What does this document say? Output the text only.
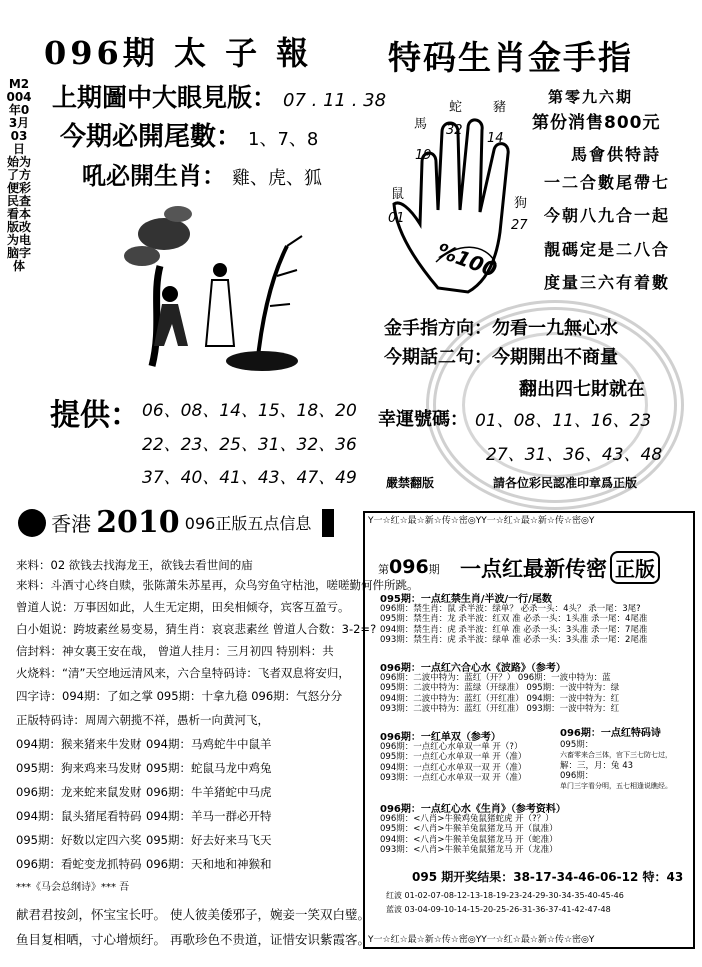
096期 太 子 報
M2004年03月03日 始为了方便彩民查看本版改为电脑字体
上期圖中大眼見版： 07 . 11 . 38
今期必開尾數： 1、7、8
吼必開生肖： 雞、虎、狐
提供： 06、08、14、15、18、20
22、23、25、31、32、36
37、40、41、43、47、49
特码生肖金手指
馬
蛇 豬
鼠
狗
19
32
14
01	27
%100
第零九六期
第份消售800元
馬會供特詩
一二合數尾帶七
今朝八九合一起
靚碼定是二八合
度量三六有着數
金手指方向：勿看一九無心水
今期話二句：今期開出不商量
翻出四七財就在
幸運號碼： 01、08、11、16、23
27、31、36、43、48
嚴禁翻版	請各位彩民認准印章爲正版
香港 2010 096正版五点信息
来料：02 欲钱去找海龙王，欲钱去看世间的庙
来料：斗酒寸心终自赎，张陈萧朱苏星再，众鸟穷鱼守枯池，嗟嗟勤何件所跳。
曾道人说：万事因如此，人生无定期，田矣相倾夺，宾客互盈亏。
白小姐说：跨坡素丝易变易，猜生肖：哀哀悲素丝 曾道人合数：3-2=?
信封料：神女裏王安在哉， 曾道人挂月：三月初四 特别料：共
火烧料：“清”天空地远清风来，六合皇特码诗：飞者双息将安归，
四字诗：094期：了如之掌 095期：十拿九稳 096期：气怒分分
正版特码诗：周周六朝揽不祥，愚析一向黄河飞，
094期：猴来猪来牛发财 094期：马鸡蛇牛中鼠羊
095期：狗来鸡来马发财 095期：蛇鼠马龙中鸡兔
096期：龙来蛇来鼠发财 096期：牛羊猪蛇中马虎
094期：鼠头猪尾看特码 094期：羊马一群必开特
095期：好数以定四六奖 095期：好去好来马飞天
096期：看蛇变龙抓特码 096期：天和地和神猴和
***《马会总纲诗》*** 吾
献君君按剑，怀宝宝长吁。 使人彼美倭邪子，婉妾一笑双白璧。
鱼目复相哂，寸心增烦纡。 再歌珍色不贵道，证惜安识紫霞客。
Y一☆红☆最☆新☆传☆密◎YY一☆红☆最☆新☆传☆密◎Y
Y一☆红☆最☆新☆传☆密◎YY一☆红☆最☆新☆传☆密◎Y
第096期 一点红最新传密 正版
095期：一点红禁生肖/半波/一行/尾数
096期：禁生肖：鼠 杀半波：绿单？ 必杀一头：4头？ 杀一尾：3尾?
095期：禁生肖：龙 杀半波：红双 准 必杀一头：1头准 杀一尾：4尾准
094期：禁生肖：虎 杀半波：红单 准 必杀一头：3头准 杀一尾：7尾准
093期：禁生肖：虎 杀半波：绿单 准 必杀一头：3头准 杀一尾：2尾准
096期：一点红六合心水《波路》（参考）
096期：二波中特为：蓝红（开？） 096期：一波中特为：蓝
095期：二波中特为：蓝绿（开绿准） 095期：一波中特为：绿
094期：二波中特为：蓝红（开红准） 094期：一波中特为：红
093期：二波中特为：蓝红（开红准） 093期：一波中特为：红
096期：一红单双（参考）
096期：一点红心水单双一单 开（?）
095期：一点红心水单双一单 开（准）
094期：一点红心水单双一双 开（准）
093期：一点红心水单双一双 开（准）
096期：一点红特码诗
095期：
六畜零来合三体，官下三七防七过，
解：三，月：兔 43
096期：
单门三字看分明，五七相逢说瞧经。
096期：一点红心水《生肖》（参考资料）
096期：<八肖>牛猴鸡兔鼠猪蛇虎 开（?？）
095期：<八肖>牛猴羊兔鼠猪龙马 开（鼠准）
094期：<八肖>牛猴羊兔鼠猪龙马 开（蛇准）
093期：<八肖>牛猴羊兔鼠猪龙马 开（龙准）
095 期开奖结果：38-17-34-46-06-12 特：43
红波 01-02-07-08-12-13-18-19-23-24-29-30-34-35-40-45-46
蓝波 03-04-09-10-14-15-20-25-26-31-36-37-41-42-47-48
